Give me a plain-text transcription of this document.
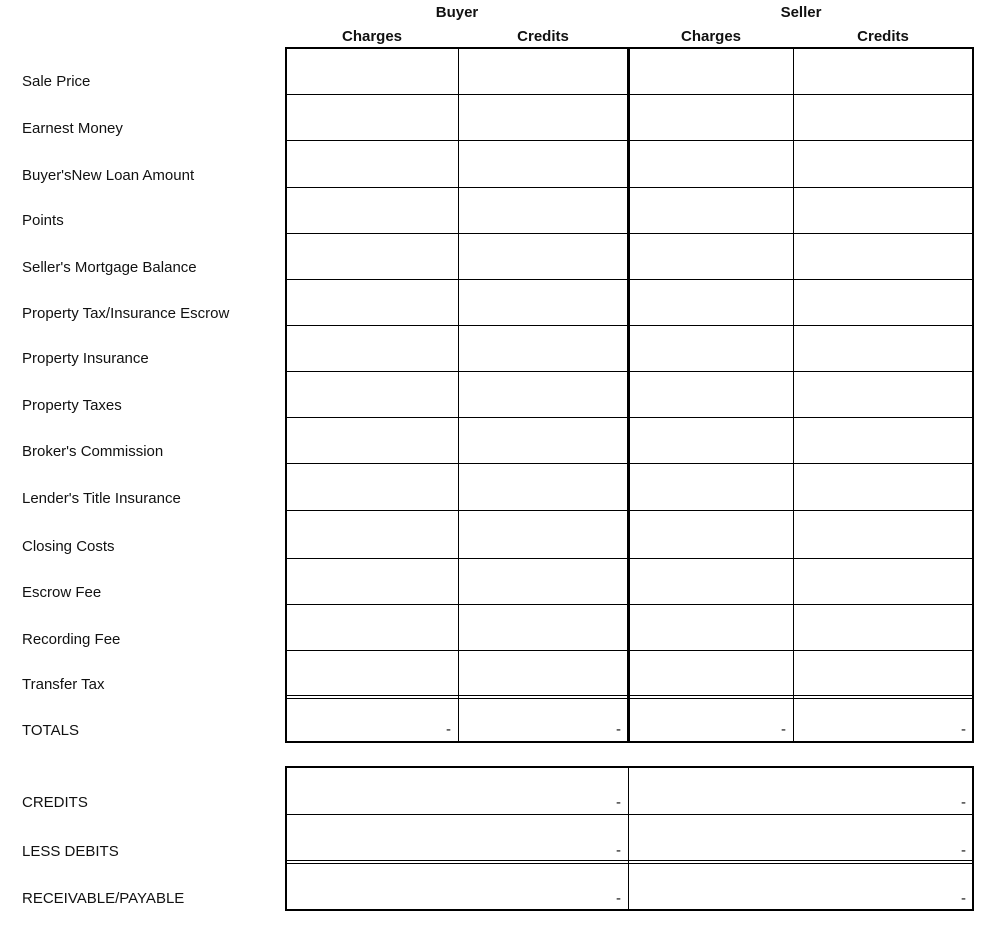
Buyer	Seller
Charges	Credits	Charges	Credits
Sale Price
Earnest Money
Buyer'sNew Loan Amount
Points
Seller's Mortgage Balance
Property Tax/Insurance Escrow
Property Insurance
Property Taxes
Broker's Commission
Lender's Title Insurance
Closing Costs
Escrow Fee
Recording Fee
Transfer Tax
TOTALS	-	-	-	-
CREDITS	-	-
LESS DEBITS	-	-
RECEIVABLE/PAYABLE	-	-
